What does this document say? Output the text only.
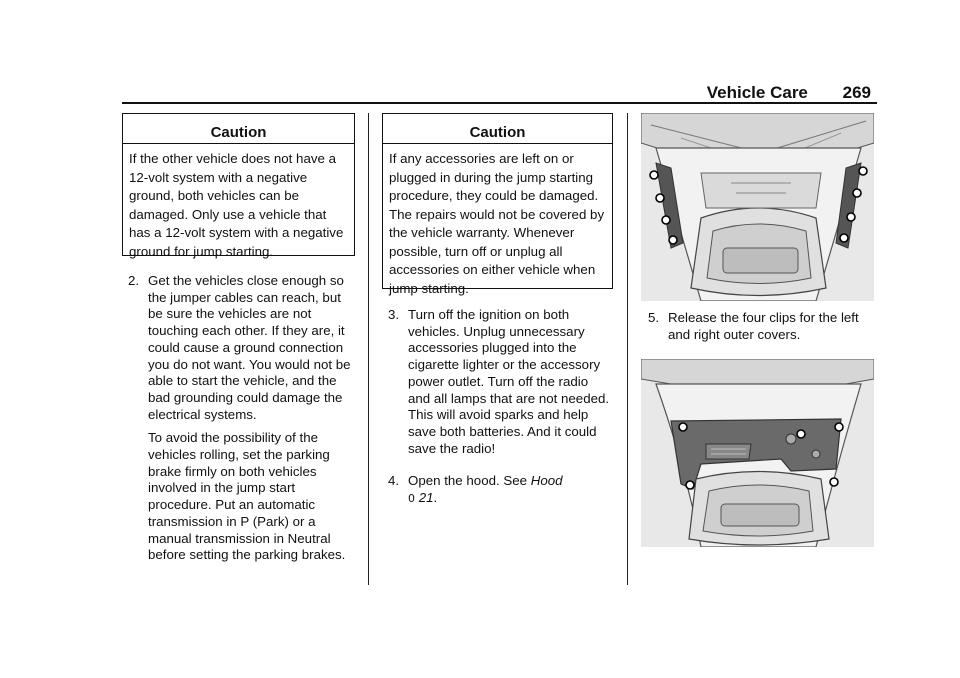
Vehicle Care 269
Caution
If the other vehicle does not have a 12-volt system with a negative ground, both vehicles can be damaged. Only use a vehicle that has a 12-volt system with a negative ground for jump starting.
2. Get the vehicles close enough so the jumper cables can reach, but be sure the vehicles are not touching each other. If they are, it could cause a ground connection you do not want. You would not be able to start the vehicle, and the bad grounding could damage the electrical systems.

To avoid the possibility of the vehicles rolling, set the parking brake firmly on both vehicles involved in the jump start procedure. Put an automatic transmission in P (Park) or a manual transmission in Neutral before setting the parking brakes.

Caution
If any accessories are left on or plugged in during the jump starting procedure, they could be damaged. The repairs would not be covered by the vehicle warranty. Whenever possible, turn off or unplug all accessories on either vehicle when jump starting.
3. Turn off the ignition on both vehicles. Unplug unnecessary accessories plugged into the cigarette lighter or the accessory power outlet. Turn off the radio and all lamps that are not needed. This will avoid sparks and help save both batteries. And it could save the radio!

4. Open the hood. See Hood
0 21.

5. Release the four clips for the left and right outer covers.
